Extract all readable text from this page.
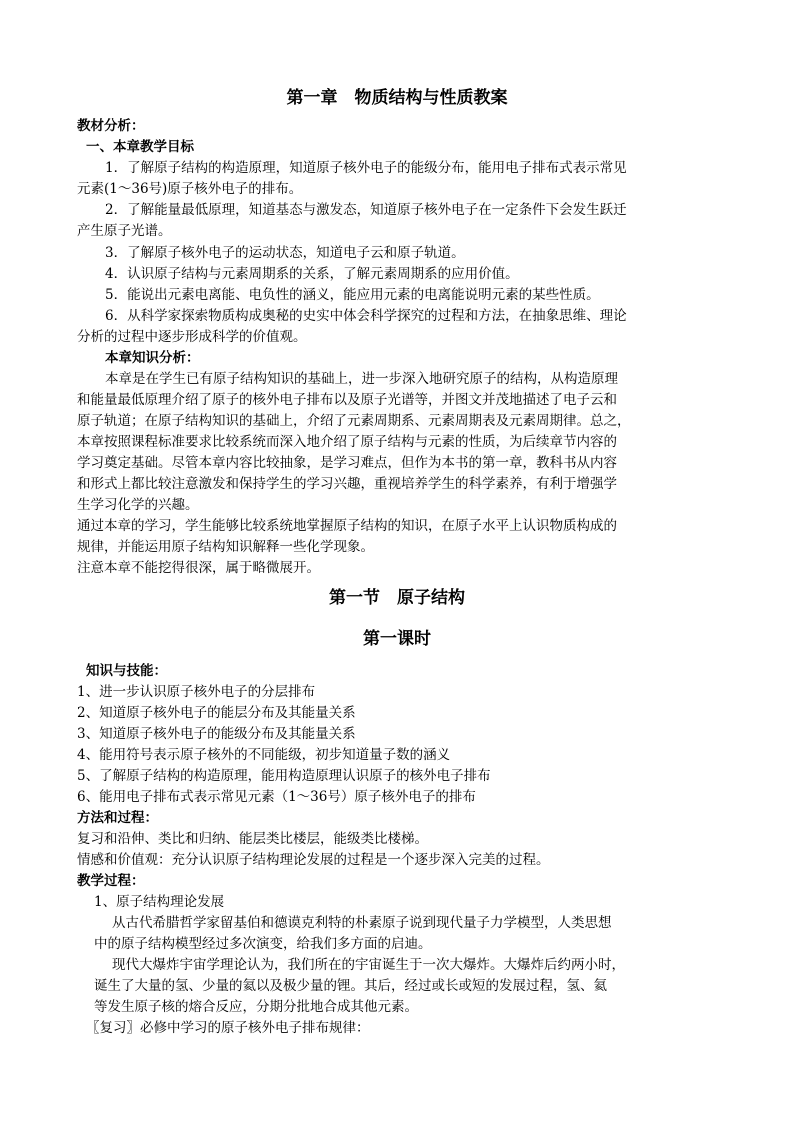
第一章　物质结构与性质教案
教材分析：
一、本章教学目标
1．了解原子结构的构造原理，知道原子核外电子的能级分布，能用电子排布式表示常见
元素(1～36号)原子核外电子的排布。
2．了解能量最低原理，知道基态与激发态，知道原子核外电子在一定条件下会发生跃迁
产生原子光谱。
3．了解原子核外电子的运动状态，知道电子云和原子轨道。
4．认识原子结构与元素周期系的关系，了解元素周期系的应用价值。
5．能说出元素电离能、电负性的涵义，能应用元素的电离能说明元素的某些性质。
6．从科学家探索物质构成奥秘的史实中体会科学探究的过程和方法，在抽象思维、理论
分析的过程中逐步形成科学的价值观。
本章知识分析：
本章是在学生已有原子结构知识的基础上，进一步深入地研究原子的结构，从构造原理
和能量最低原理介绍了原子的核外电子排布以及原子光谱等，并图文并茂地描述了电子云和
原子轨道；在原子结构知识的基础上，介绍了元素周期系、元素周期表及元素周期律。总之，
本章按照课程标准要求比较系统而深入地介绍了原子结构与元素的性质，为后续章节内容的
学习奠定基础。尽管本章内容比较抽象，是学习难点，但作为本书的第一章，教科书从内容
和形式上都比较注意激发和保持学生的学习兴趣，重视培养学生的科学素养，有利于增强学
生学习化学的兴趣。
通过本章的学习，学生能够比较系统地掌握原子结构的知识，在原子水平上认识物质构成的
规律，并能运用原子结构知识解释一些化学现象。
注意本章不能挖得很深，属于略微展开。
第一节　原子结构
第一课时
知识与技能：
1、进一步认识原子核外电子的分层排布
2、知道原子核外电子的能层分布及其能量关系
3、知道原子核外电子的能级分布及其能量关系
4、能用符号表示原子核外的不同能级，初步知道量子数的涵义
5、了解原子结构的构造原理，能用构造原理认识原子的核外电子排布
6、能用电子排布式表示常见元素（1～36号）原子核外电子的排布
方法和过程：
复习和沿伸、类比和归纳、能层类比楼层，能级类比楼梯。
情感和价值观：充分认识原子结构理论发展的过程是一个逐步深入完美的过程。
教学过程：
1、原子结构理论发展
从古代希腊哲学家留基伯和德谟克利特的朴素原子说到现代量子力学模型，人类思想
中的原子结构模型经过多次演变，给我们多方面的启迪。
现代大爆炸宇宙学理论认为，我们所在的宇宙诞生于一次大爆炸。大爆炸后约两小时，
诞生了大量的氢、少量的氦以及极少量的锂。其后，经过或长或短的发展过程，氢、氦
等发生原子核的熔合反应，分期分批地合成其他元素。
〖复习〗必修中学习的原子核外电子排布规律：
